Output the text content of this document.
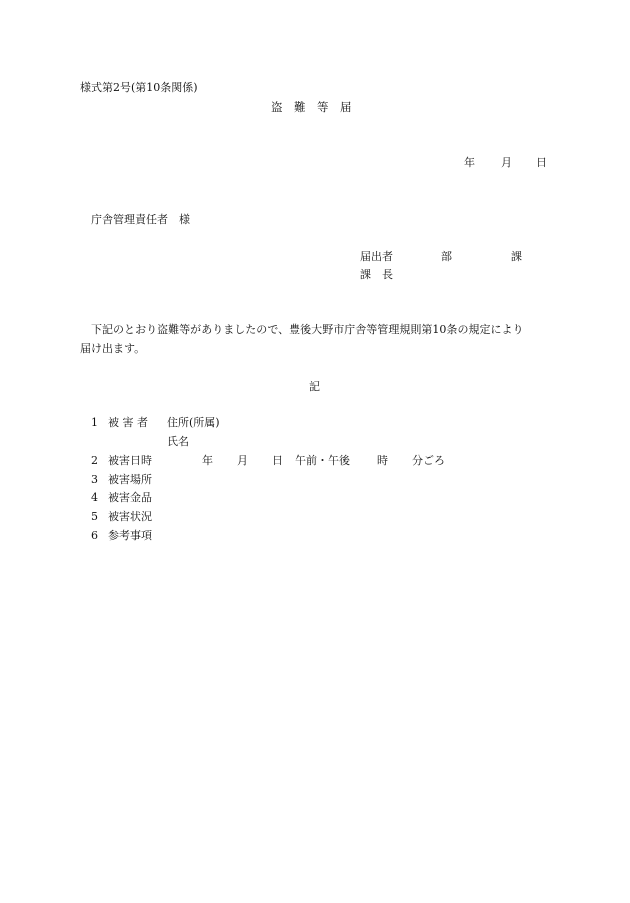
様式第2号(第10条関係)
盗　難　等　届
年 月 日
庁舎管理責任者　様
届出者	部	課
課　長
下記のとおり盗難等がありましたので、豊後大野市庁舎等管理規則第10条の規定により
届け出ます。
記
1 被 害 者 住所(所属)
氏名
2 被害日時	年 月 日 午前・午後 時 分ごろ
3 被害場所
4 被害金品
5 被害状況
6 参考事項
